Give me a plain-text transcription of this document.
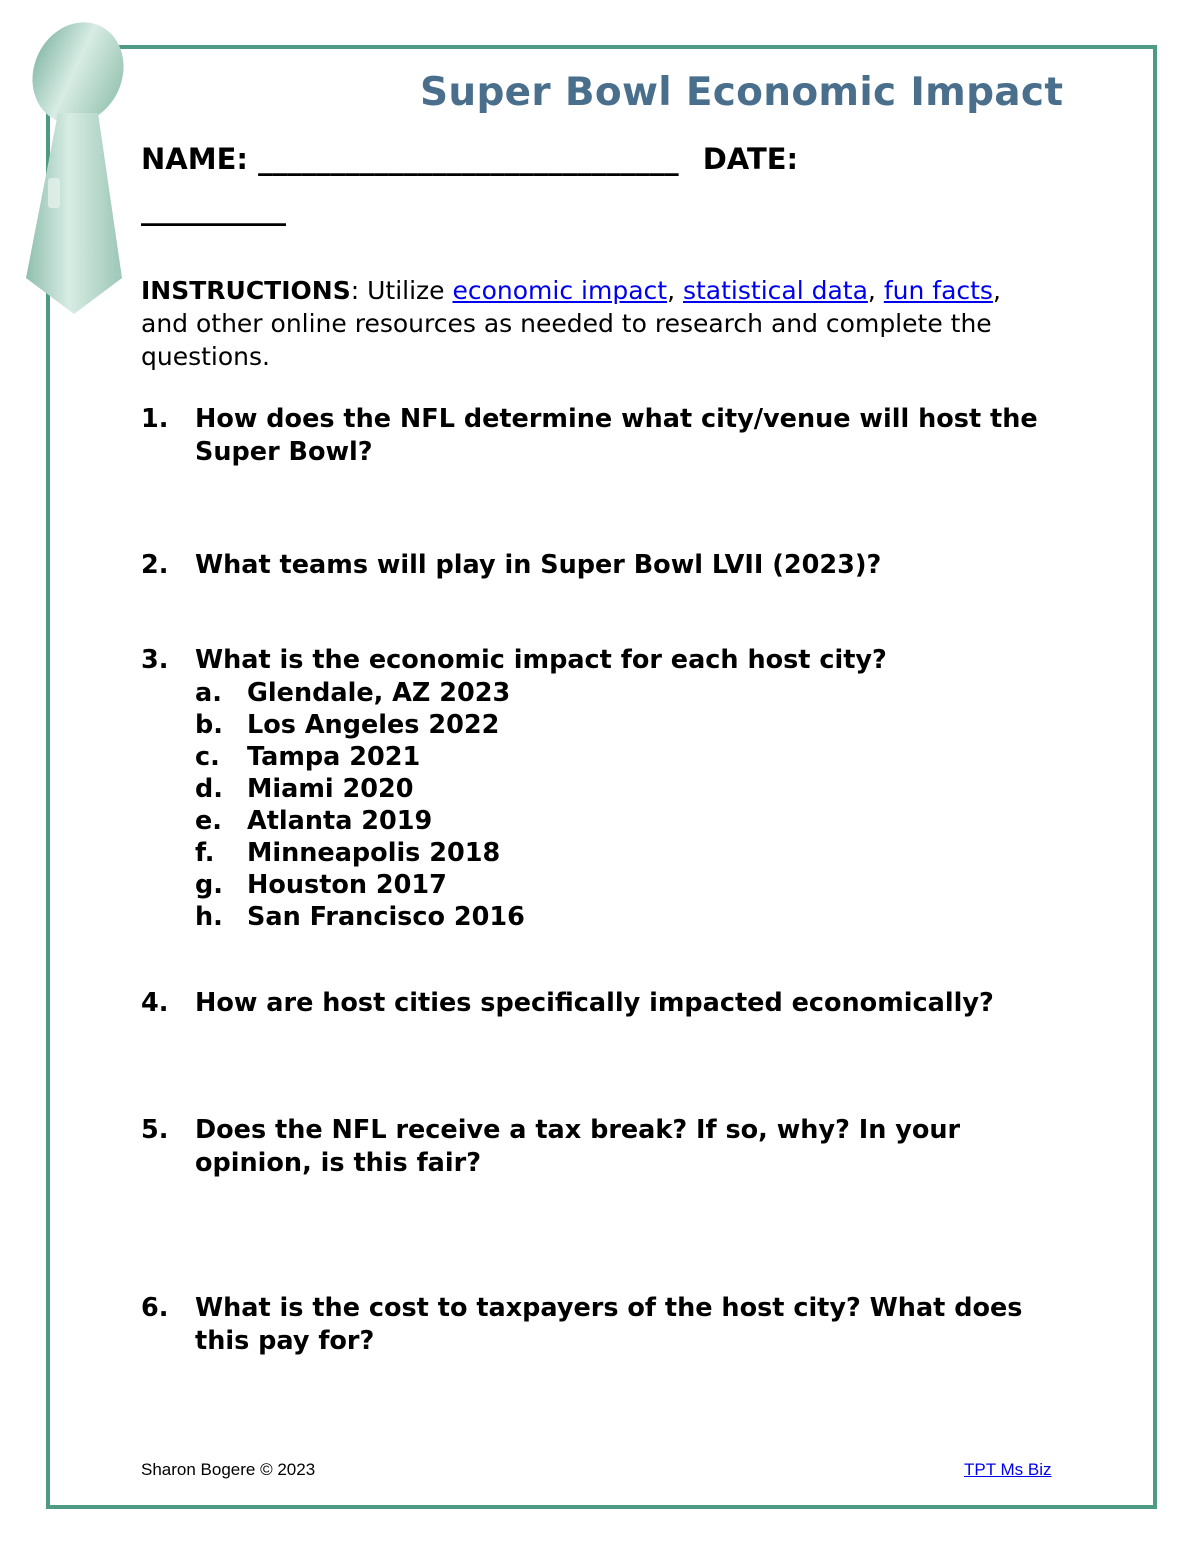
Super Bowl Economic Impact
NAME: _____________________________ DATE:
__________
INSTRUCTIONS: Utilize economic impact, statistical data, fun facts, and other online resources as needed to research and complete the questions.
1. How does the NFL determine what city/venue will host the Super Bowl?
2. What teams will play in Super Bowl LVII (2023)?
3. What is the economic impact for each host city?
a. Glendale, AZ 2023
b. Los Angeles 2022
c. Tampa 2021
d. Miami 2020
e. Atlanta 2019
f. Minneapolis 2018
g. Houston 2017
h. San Francisco 2016
4. How are host cities specifically impacted economically?
5. Does the NFL receive a tax break? If so, why? In your opinion, is this fair?
6. What is the cost to taxpayers of the host city? What does this pay for?
Sharon Bogere © 2023	TPT Ms Biz
